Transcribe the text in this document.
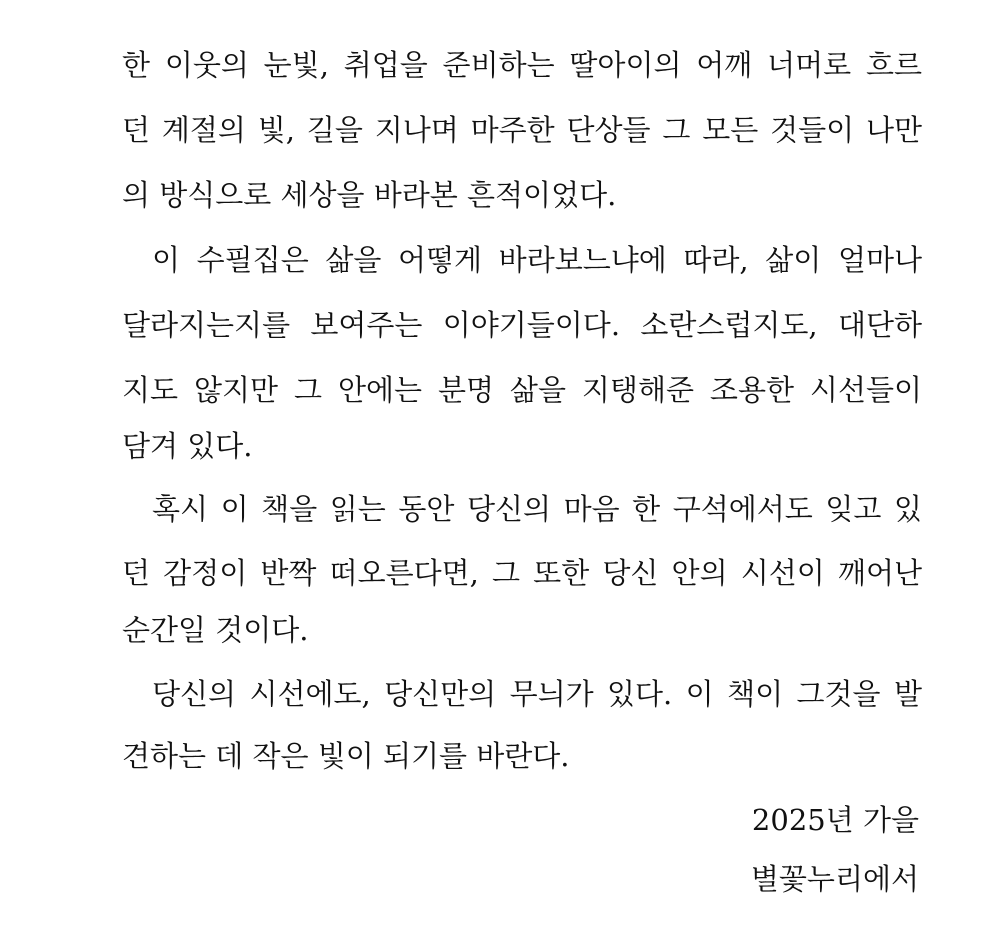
한 이웃의 눈빛, 취업을 준비하는 딸아이의 어깨 너머로 흐르
던 계절의 빛, 길을 지나며 마주한 단상들 그 모든 것들이 나만
의 방식으로 세상을 바라본 흔적이었다.
이 수필집은 삶을 어떻게 바라보느냐에 따라, 삶이 얼마나
달라지는지를 보여주는 이야기들이다. 소란스럽지도, 대단하
지도 않지만 그 안에는 분명 삶을 지탱해준 조용한 시선들이
담겨 있다.
혹시 이 책을 읽는 동안 당신의 마음 한 구석에서도 잊고 있
던 감정이 반짝 떠오른다면, 그 또한 당신 안의 시선이 깨어난
순간일 것이다.
당신의 시선에도, 당신만의 무늬가 있다. 이 책이 그것을 발
견하는 데 작은 빛이 되기를 바란다.
2025년 가을
별꽃누리에서
